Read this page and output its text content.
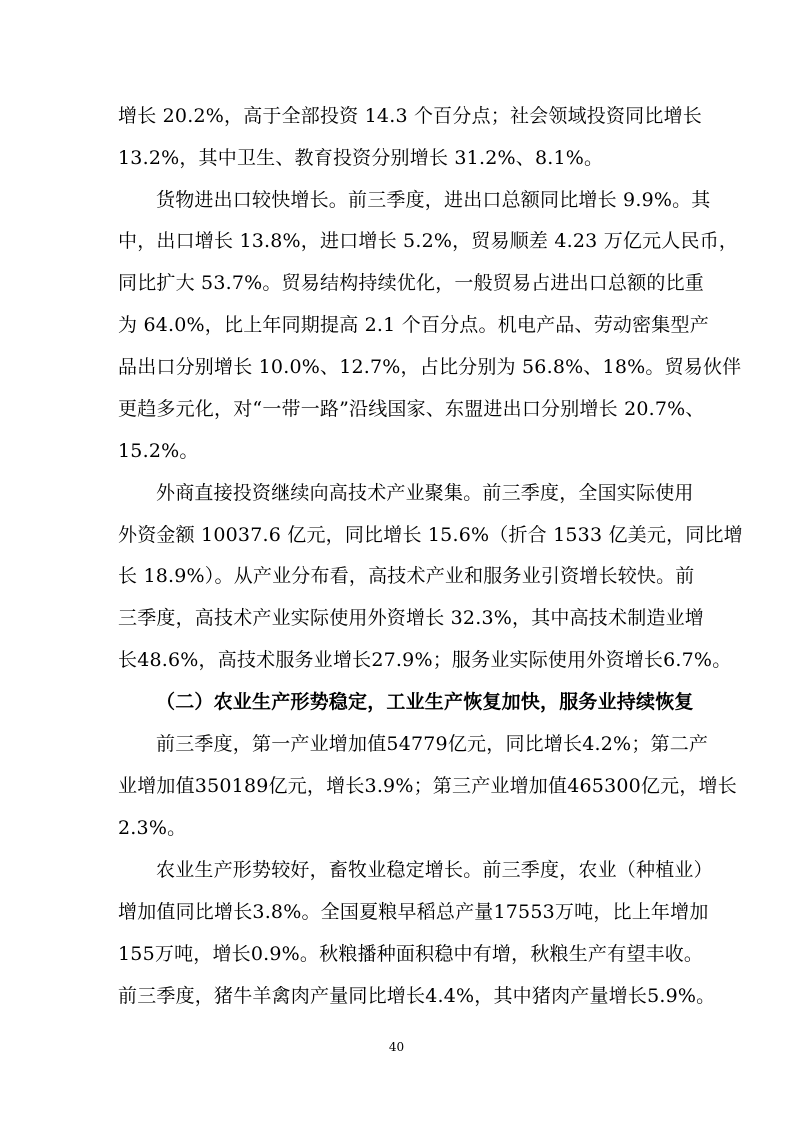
增长 20.2%，高于全部投资 14.3 个百分点；社会领域投资同比增长
13.2%，其中卫生、教育投资分别增长 31.2%、8.1%。
货物进出口较快增长。前三季度，进出口总额同比增长 9.9%。其
中，出口增长 13.8%，进口增长 5.2%，贸易顺差 4.23 万亿元人民币，
同比扩大 53.7%。贸易结构持续优化，一般贸易占进出口总额的比重
为 64.0%，比上年同期提高 2.1 个百分点。机电产品、劳动密集型产
品出口分别增长 10.0%、12.7%，占比分别为 56.8%、18%。贸易伙伴
更趋多元化，对“一带一路”沿线国家、东盟进出口分别增长 20.7%、
15.2%。
外商直接投资继续向高技术产业聚集。前三季度，全国实际使用
外资金额 10037.6 亿元，同比增长 15.6%（折合 1533 亿美元，同比增
长 18.9%）。从产业分布看，高技术产业和服务业引资增长较快。前
三季度，高技术产业实际使用外资增长 32.3%，其中高技术制造业增
长48.6%，高技术服务业增长27.9%；服务业实际使用外资增长6.7%。
（二）农业生产形势稳定，工业生产恢复加快，服务业持续恢复
前三季度，第一产业增加值54779亿元，同比增长4.2%；第二产
业增加值350189亿元，增长3.9%；第三产业增加值465300亿元，增长
2.3%。
农业生产形势较好，畜牧业稳定增长。前三季度，农业（种植业）
增加值同比增长3.8%。全国夏粮早稻总产量17553万吨，比上年增加
155万吨，增长0.9%。秋粮播种面积稳中有增，秋粮生产有望丰收。
前三季度，猪牛羊禽肉产量同比增长4.4%，其中猪肉产量增长5.9%。
40
